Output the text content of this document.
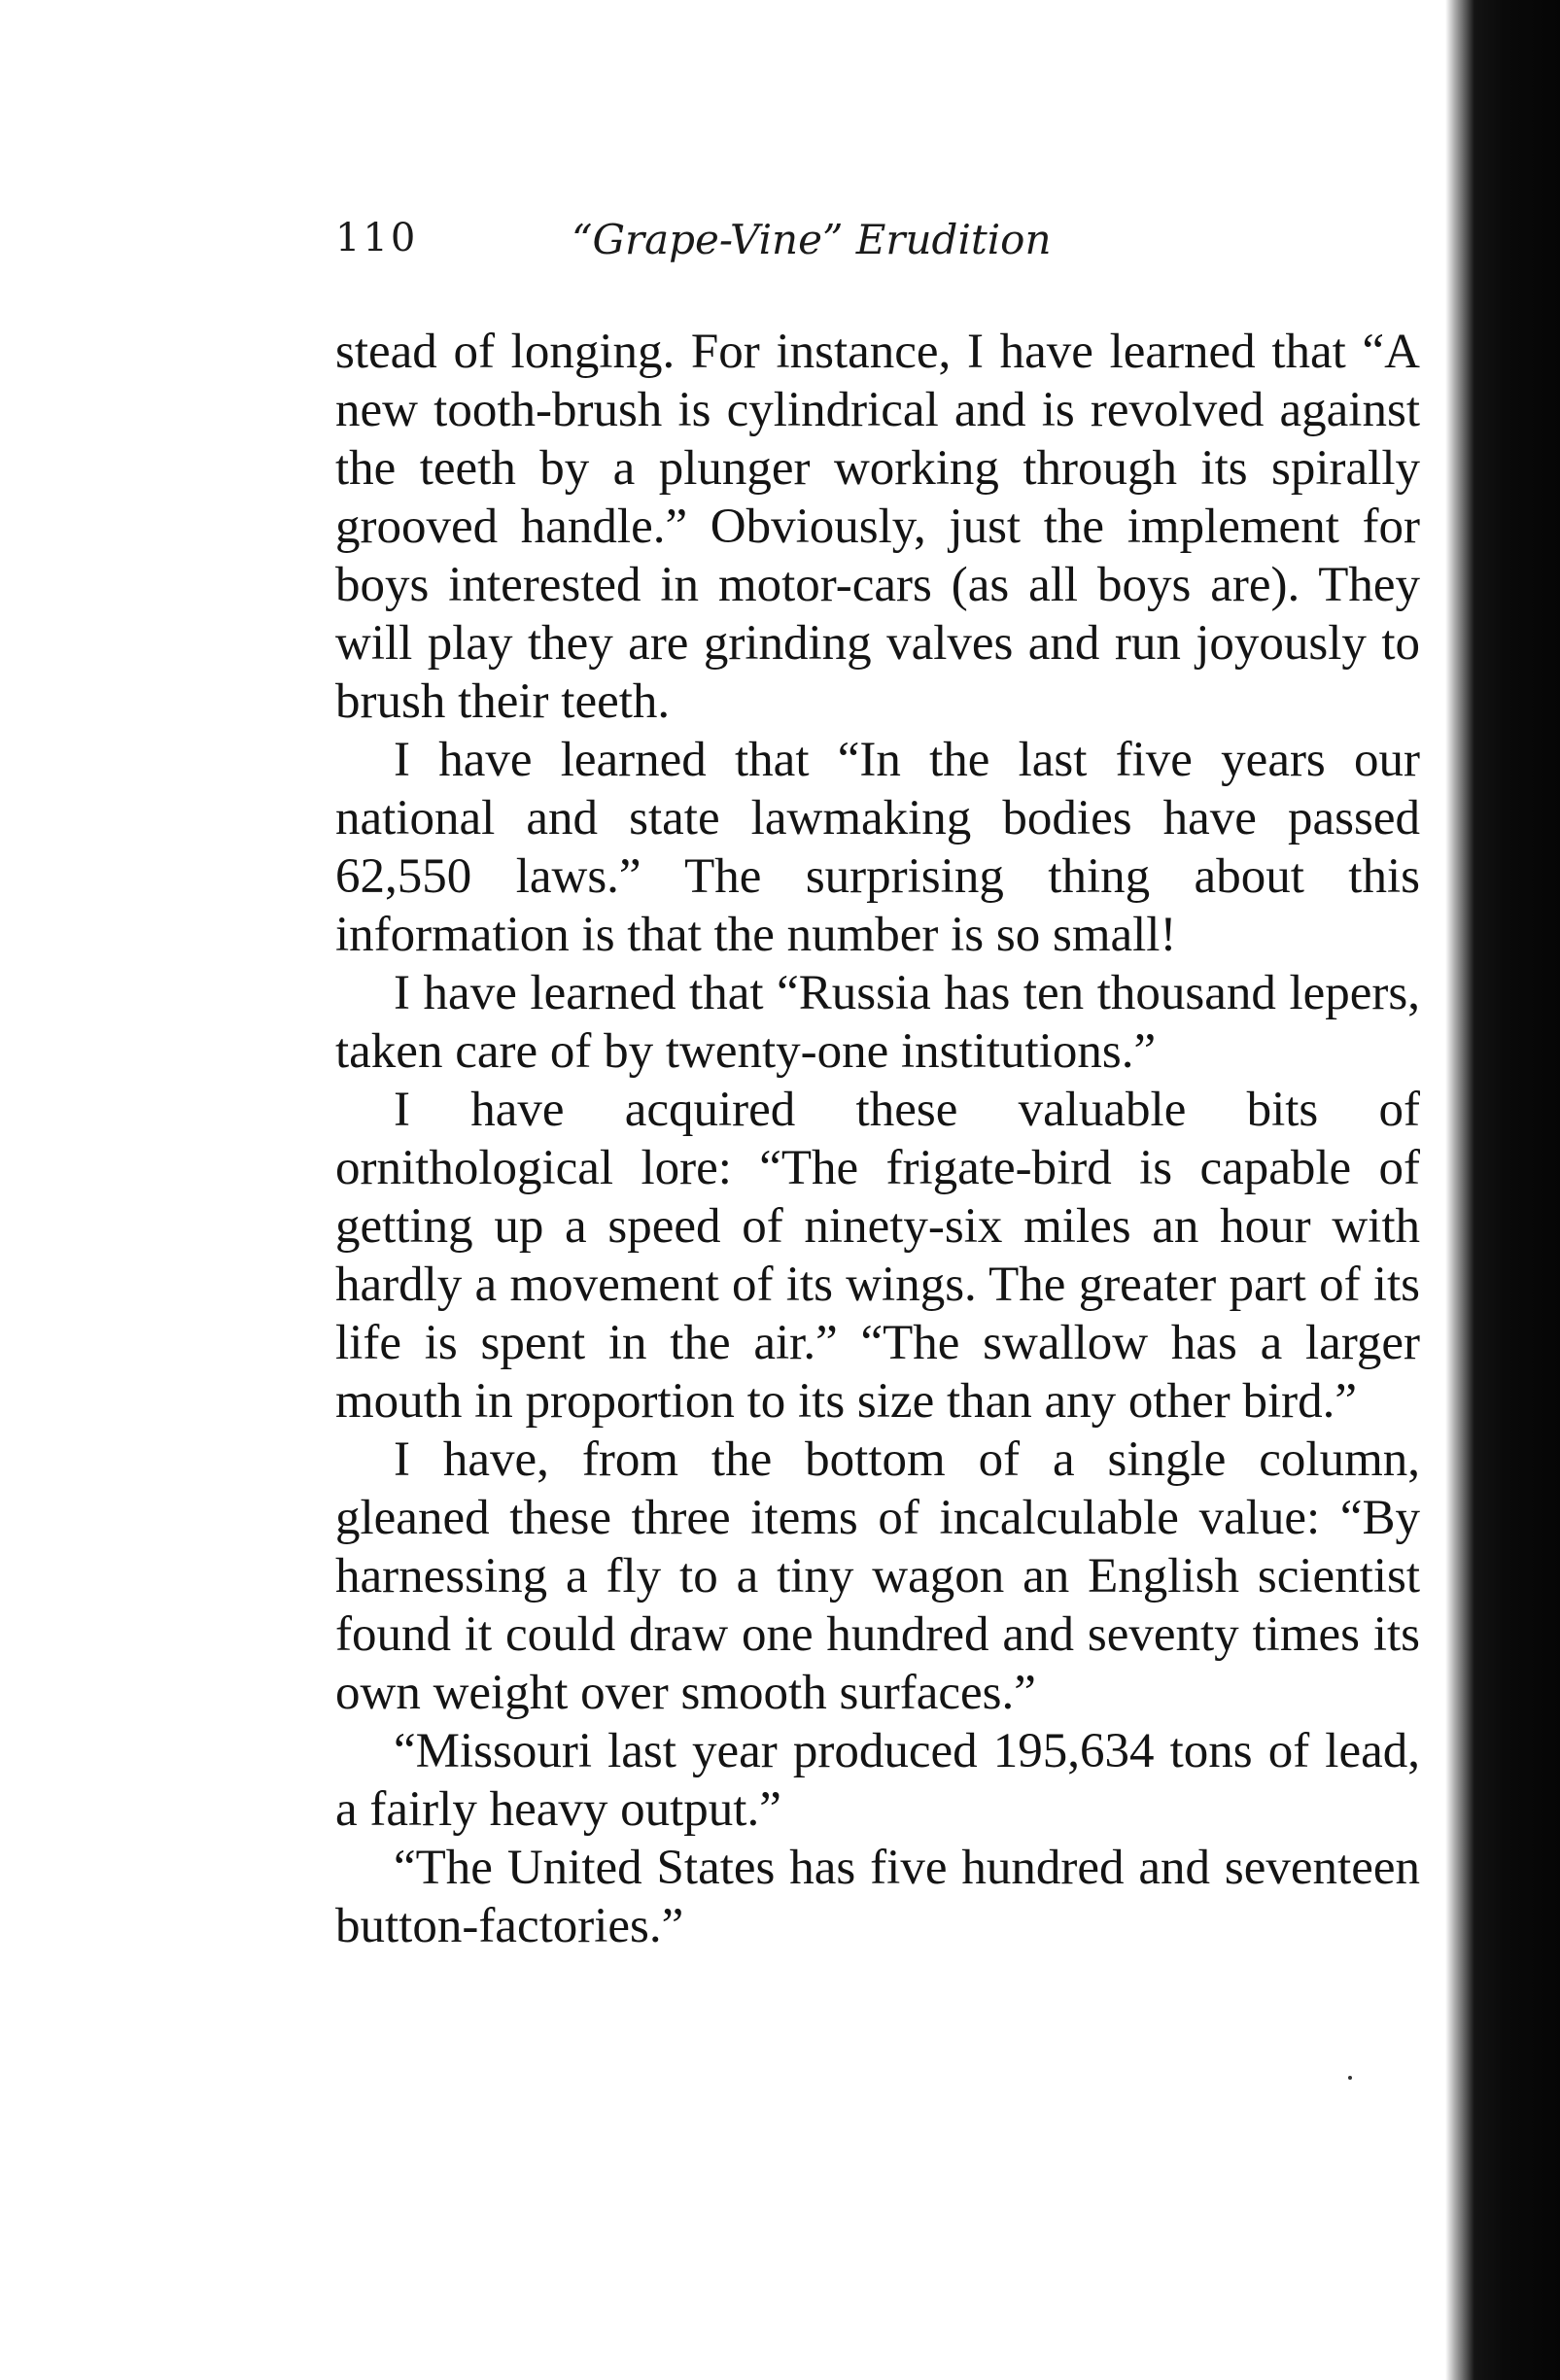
110	“Grape-Vine” Erudition

stead of longing. For instance, I have learned that “A new tooth-brush is cylindrical and is revolved against the teeth by a plunger working through its spirally grooved handle.” Obviously, just the implement for boys interested in motor-cars (as all boys are). They will play they are grinding valves and run joyously to brush their teeth.

I have learned that “In the last five years our national and state lawmaking bodies have passed 62,550 laws.” The surprising thing about this information is that the number is so small!

I have learned that “Russia has ten thousand lepers, taken care of by twenty-one institutions.”

I have acquired these valuable bits of ornithological lore: “The frigate-bird is capable of getting up a speed of ninety-six miles an hour with hardly a movement of its wings. The greater part of its life is spent in the air.” “The swallow has a larger mouth in proportion to its size than any other bird.”

I have, from the bottom of a single column, gleaned these three items of incalculable value: “By harnessing a fly to a tiny wagon an English scientist found it could draw one hundred and seventy times its own weight over smooth surfaces.”

“Missouri last year produced 195,634 tons of lead, a fairly heavy output.”

“The United States has five hundred and seventeen button-factories.”
